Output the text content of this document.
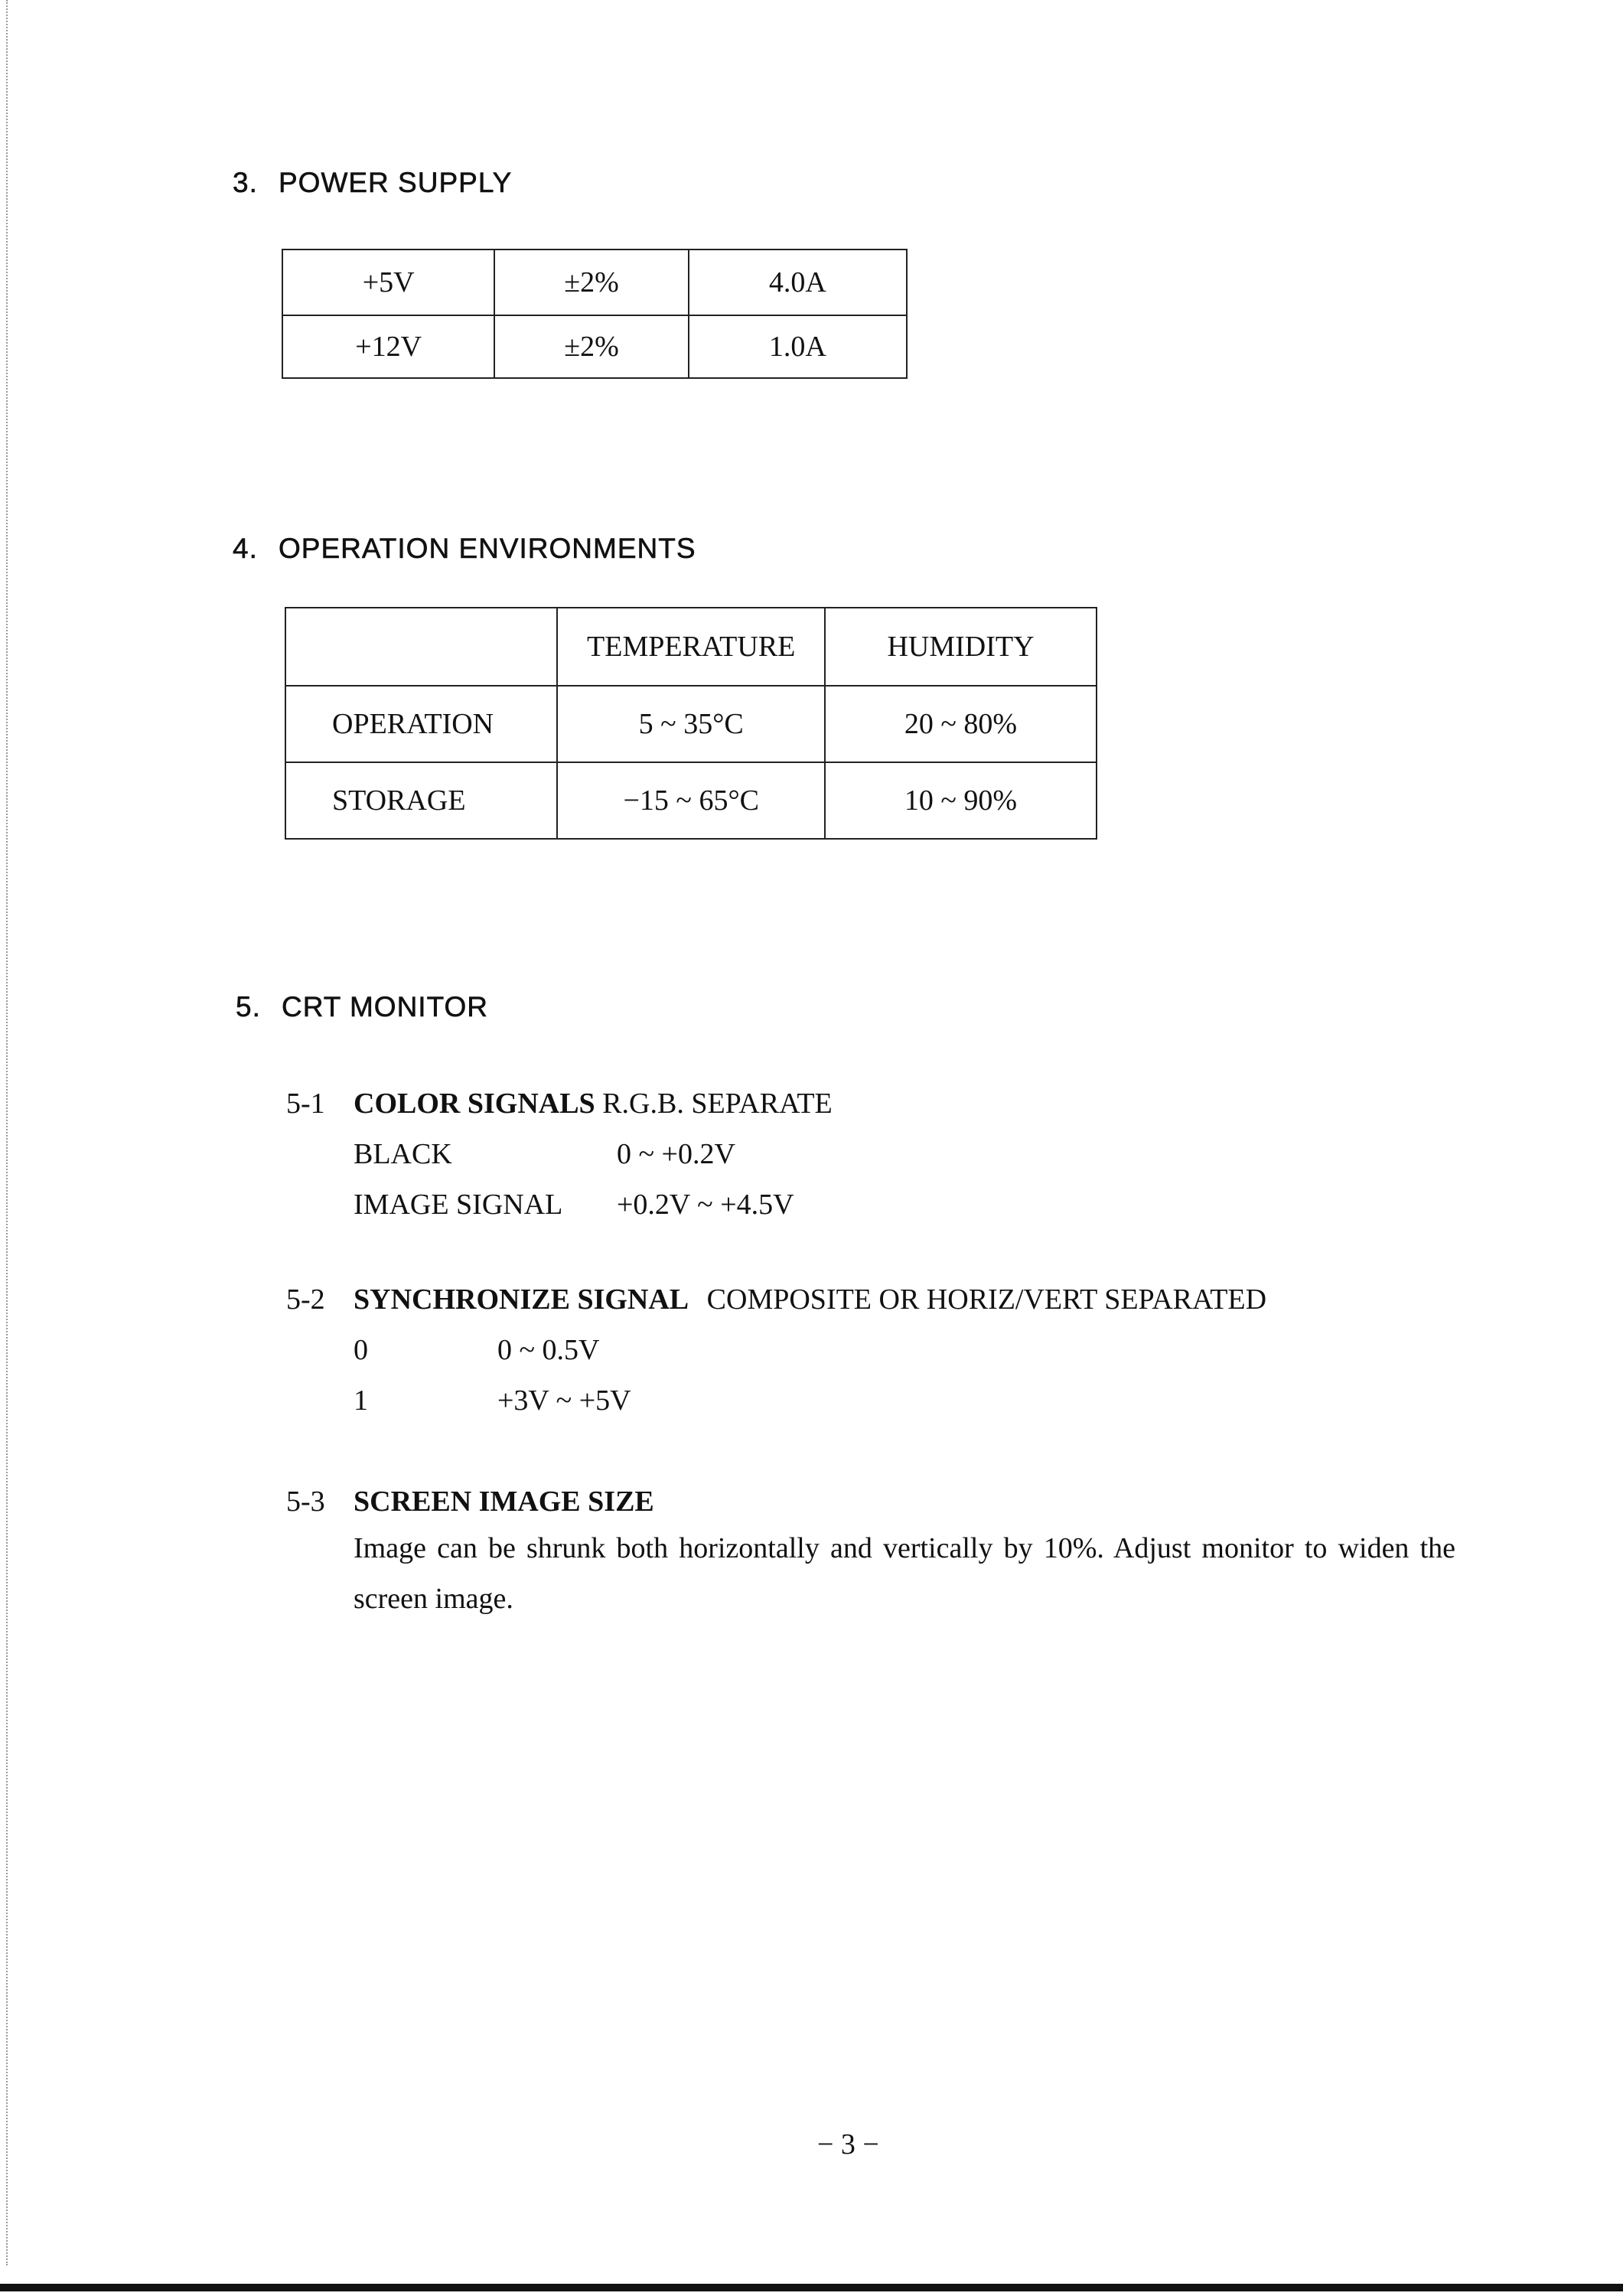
3. POWER SUPPLY
+5V	±2%	4.0A
+12V	±2%	1.0A
4. OPERATION ENVIRONMENTS
	TEMPERATURE	HUMIDITY
OPERATION	5 ~ 35°C	20 ~ 80%
STORAGE	−15 ~ 65°C	10 ~ 90%
5. CRT MONITOR
5-1 COLOR SIGNALS R.G.B. SEPARATE
BLACK	0 ~ +0.2V
IMAGE SIGNAL +0.2V ~ +4.5V
5-2 SYNCHRONIZE SIGNAL COMPOSITE OR HORIZ/VERT SEPARATED
0	0 ~ 0.5V
1	+3V ~ +5V
5-3 SCREEN IMAGE SIZE
Image can be shrunk both horizontally and vertically by 10%. Adjust monitor to widen the screen image.
− 3 −
